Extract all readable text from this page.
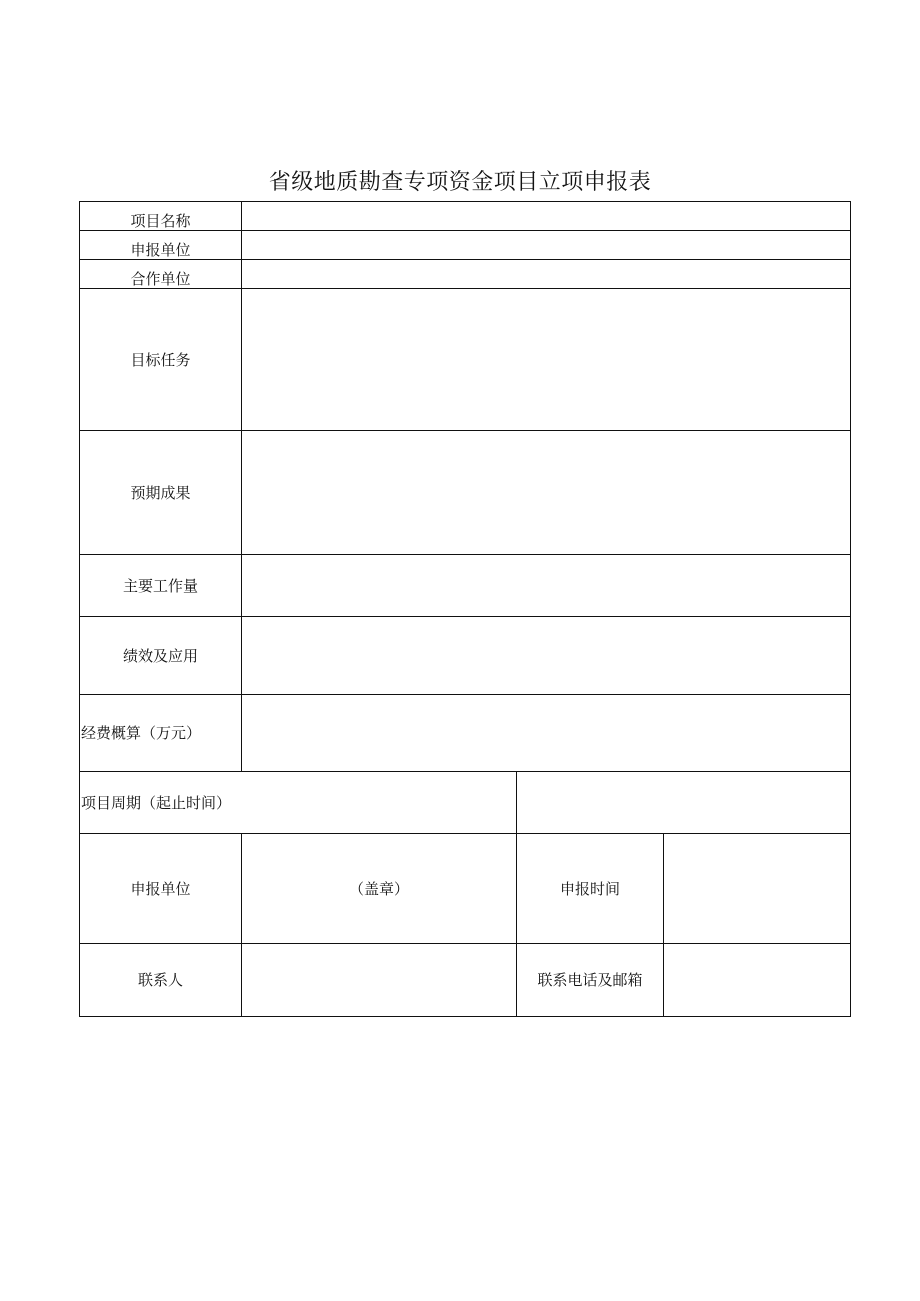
省级地质勘查专项资金项目立项申报表
项目名称			
申报单位			
合作单位			
目标任务			
预期成果			
主要工作量			
绩效及应用			
经费概算（万元）			
项目周期（起止时间）			
申报单位	（盖章）	申报时间	
联系人		联系电话及邮箱	
